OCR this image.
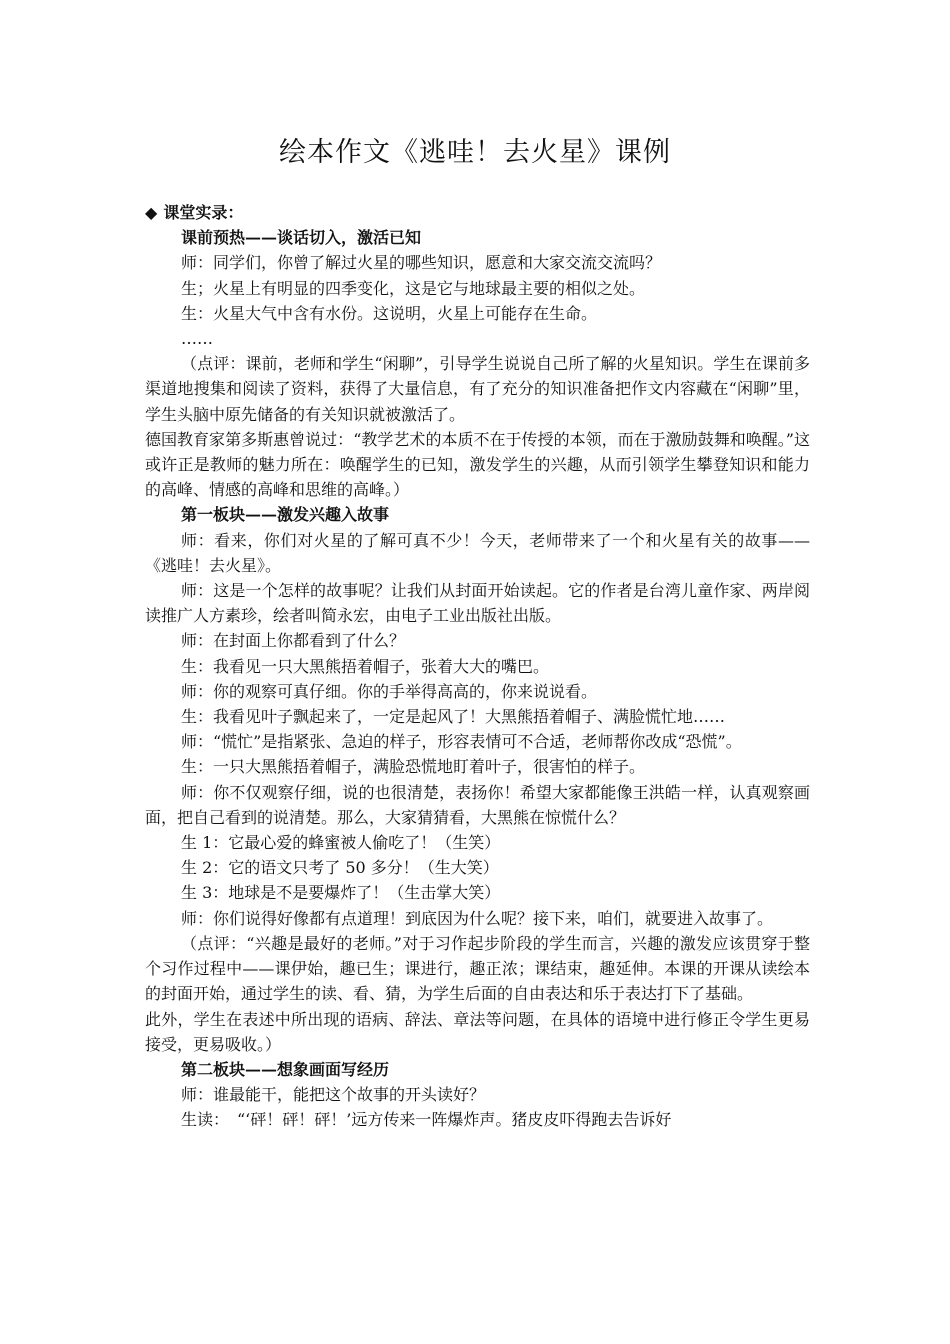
绘本作文《逃哇！去火星》课例

◆ 课堂实录：

课前预热——谈话切入，激活已知

师：同学们，你曾了解过火星的哪些知识，愿意和大家交流交流吗？

生；火星上有明显的四季变化，这是它与地球最主要的相似之处。

生：火星大气中含有水份。这说明，火星上可能存在生命。

……

（点评：课前，老师和学生“闲聊”，引导学生说说自己所了解的火星知识。学生在课前多渠道地搜集和阅读了资料，获得了大量信息，有了充分的知识准备把作文内容藏在“闲聊”里，学生头脑中原先储备的有关知识就被激活了。

德国教育家第多斯惠曾说过：“教学艺术的本质不在于传授的本领，而在于激励鼓舞和唤醒。”这或许正是教师的魅力所在：唤醒学生的已知，激发学生的兴趣，从而引领学生攀登知识和能力的高峰、情感的高峰和思维的高峰。）

第一板块——激发兴趣入故事

师：看来，你们对火星的了解可真不少！今天，老师带来了一个和火星有关的故事——《逃哇！去火星》。

师：这是一个怎样的故事呢？让我们从封面开始读起。它的作者是台湾儿童作家、两岸阅读推广人方素珍，绘者叫简永宏，由电子工业出版社出版。

师：在封面上你都看到了什么？

生：我看见一只大黑熊捂着帽子，张着大大的嘴巴。

师：你的观察可真仔细。你的手举得高高的，你来说说看。

生：我看见叶子飘起来了，一定是起风了！大黑熊捂着帽子、满脸慌忙地……

师：“慌忙”是指紧张、急迫的样子，形容表情可不合适，老师帮你改成“恐慌”。

生：一只大黑熊捂着帽子，满脸恐慌地盯着叶子，很害怕的样子。

师：你不仅观察仔细，说的也很清楚，表扬你！希望大家都能像王洪皓一样，认真观察画面，把自己看到的说清楚。那么，大家猜猜看，大黑熊在惊慌什么？

生 1：它最心爱的蜂蜜被人偷吃了！（生笑）

生 2：它的语文只考了 50 多分！（生大笑）

生 3：地球是不是要爆炸了！（生击掌大笑）

师：你们说得好像都有点道理！到底因为什么呢？接下来，咱们，就要进入故事了。

（点评：“兴趣是最好的老师。”对于习作起步阶段的学生而言，兴趣的激发应该贯穿于整个习作过程中——课伊始，趣已生；课进行，趣正浓；课结束，趣延伸。本课的开课从读绘本的封面开始，通过学生的读、看、猜，为学生后面的自由表达和乐于表达打下了基础。

此外，学生在表述中所出现的语病、辞法、章法等问题，在具体的语境中进行修正令学生更易接受，更易吸收。）

第二板块——想象画面写经历

师：谁最能干，能把这个故事的开头读好？

生读：　“‘砰！砰！砰！’远方传来一阵爆炸声。猪皮皮吓得跑去告诉好
